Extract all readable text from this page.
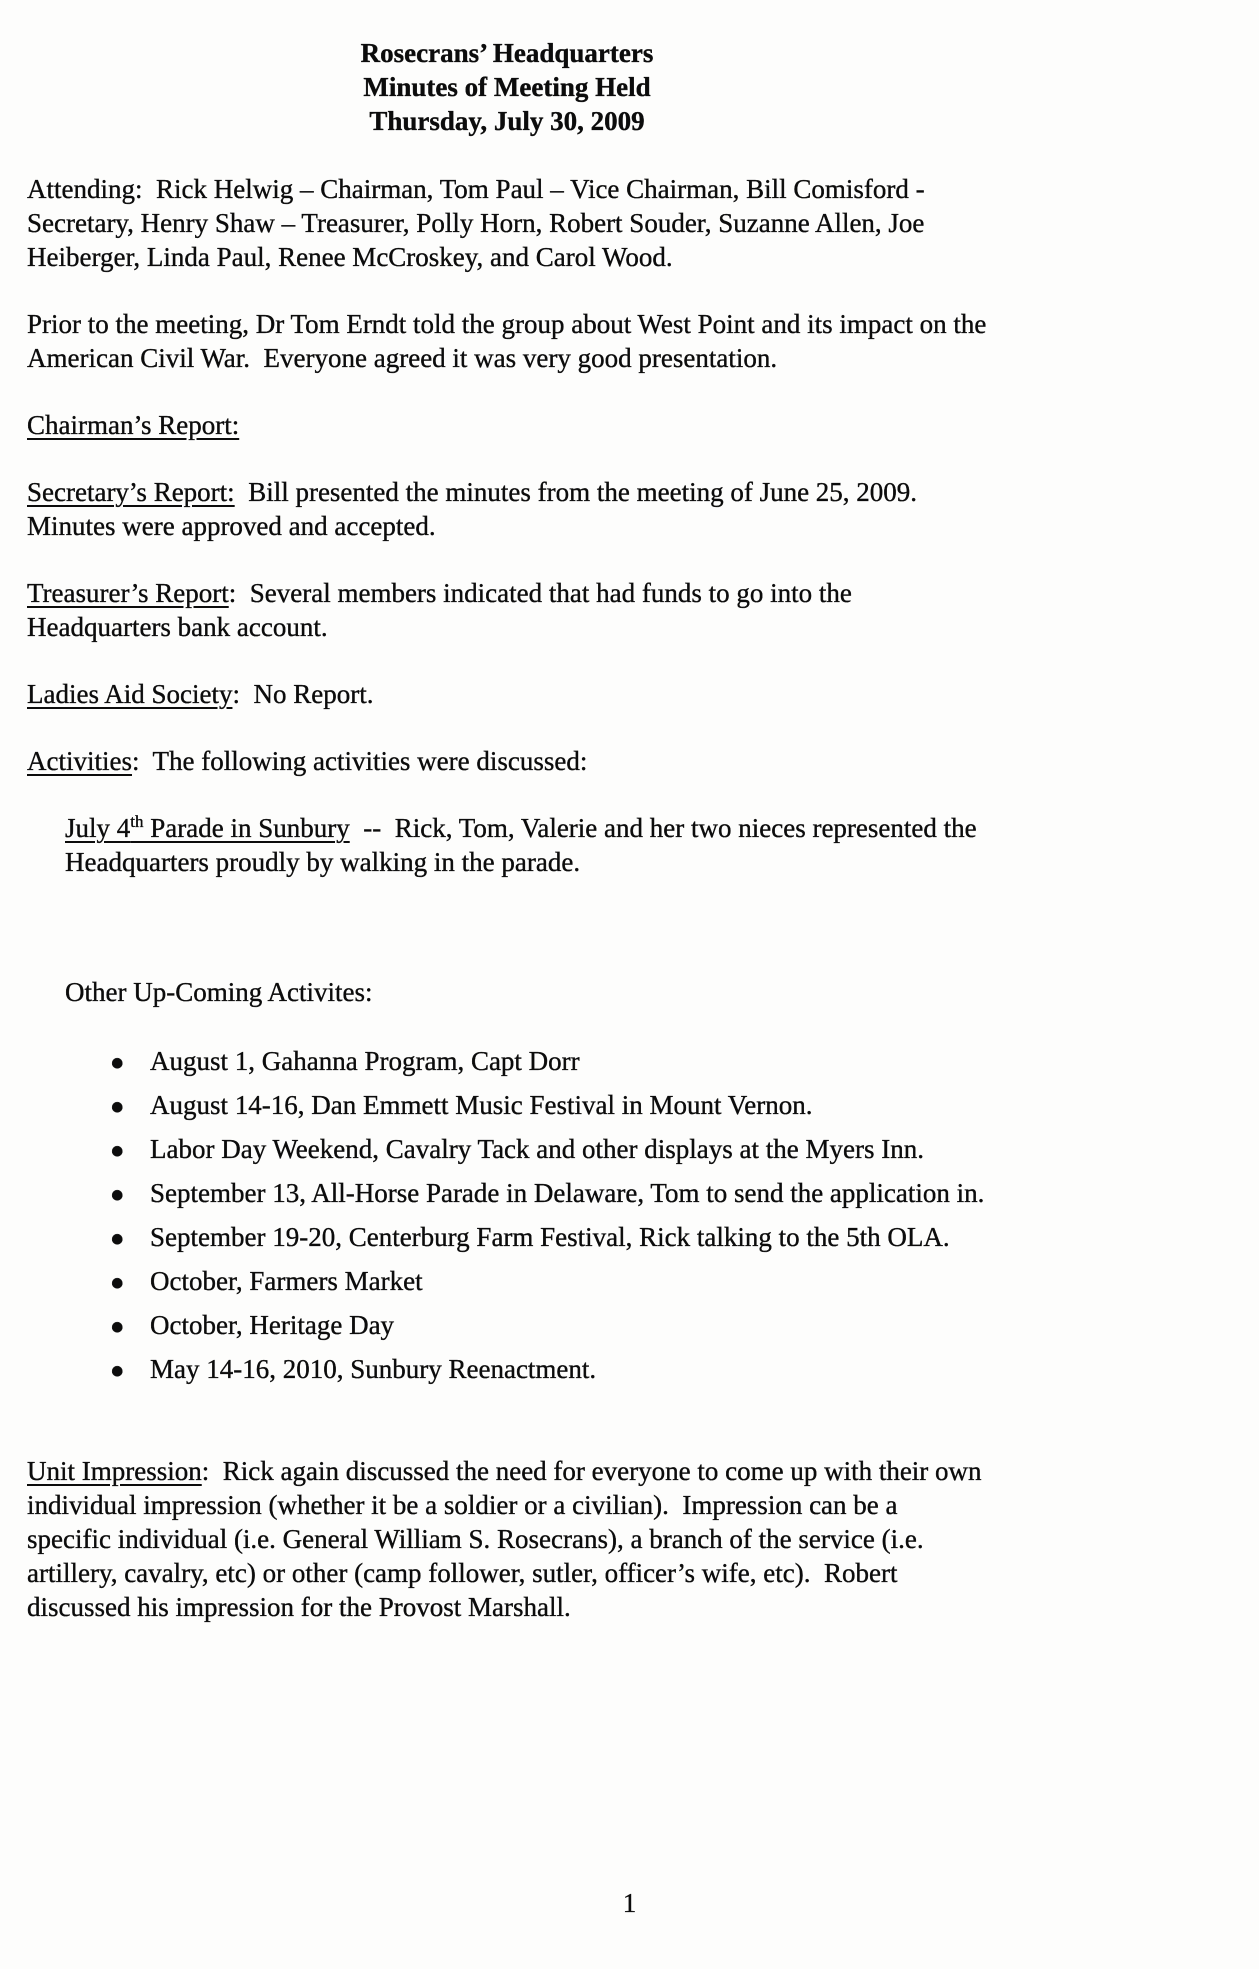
Rosecrans’ Headquarters
Minutes of Meeting Held
Thursday, July 30, 2009
Attending:  Rick Helwig – Chairman, Tom Paul – Vice Chairman, Bill Comisford - Secretary, Henry Shaw – Treasurer, Polly Horn, Robert Souder, Suzanne Allen, Joe Heiberger, Linda Paul, Renee McCroskey, and Carol Wood.
Prior to the meeting, Dr Tom Erndt told the group about West Point and its impact on the American Civil War.  Everyone agreed it was very good presentation.
Chairman’s Report:
Secretary’s Report: Bill presented the minutes from the meeting of June 25, 2009. Minutes were approved and accepted.
Treasurer’s Report:  Several members indicated that had funds to go into the Headquarters bank account.
Ladies Aid Society:  No Report.
Activities:  The following activities were discussed:
July 4th Parade in Sunbury  --  Rick, Tom, Valerie and her two nieces represented the Headquarters proudly by walking in the parade.
Other Up-Coming Activites:
● August 1, Gahanna Program, Capt Dorr
● August 14-16, Dan Emmett Music Festival in Mount Vernon.
● Labor Day Weekend, Cavalry Tack and other displays at the Myers Inn.
● September 13, All-Horse Parade in Delaware, Tom to send the application in.
● September 19-20, Centerburg Farm Festival, Rick talking to the 5th OLA.
● October, Farmers Market
● October, Heritage Day
● May 14-16, 2010, Sunbury Reenactment.
Unit Impression:  Rick again discussed the need for everyone to come up with their own individual impression (whether it be a soldier or a civilian).  Impression can be a specific individual (i.e. General William S. Rosecrans), a branch of the service (i.e. artillery, cavalry, etc) or other (camp follower, sutler, officer’s wife, etc).  Robert discussed his impression for the Provost Marshall.
1
